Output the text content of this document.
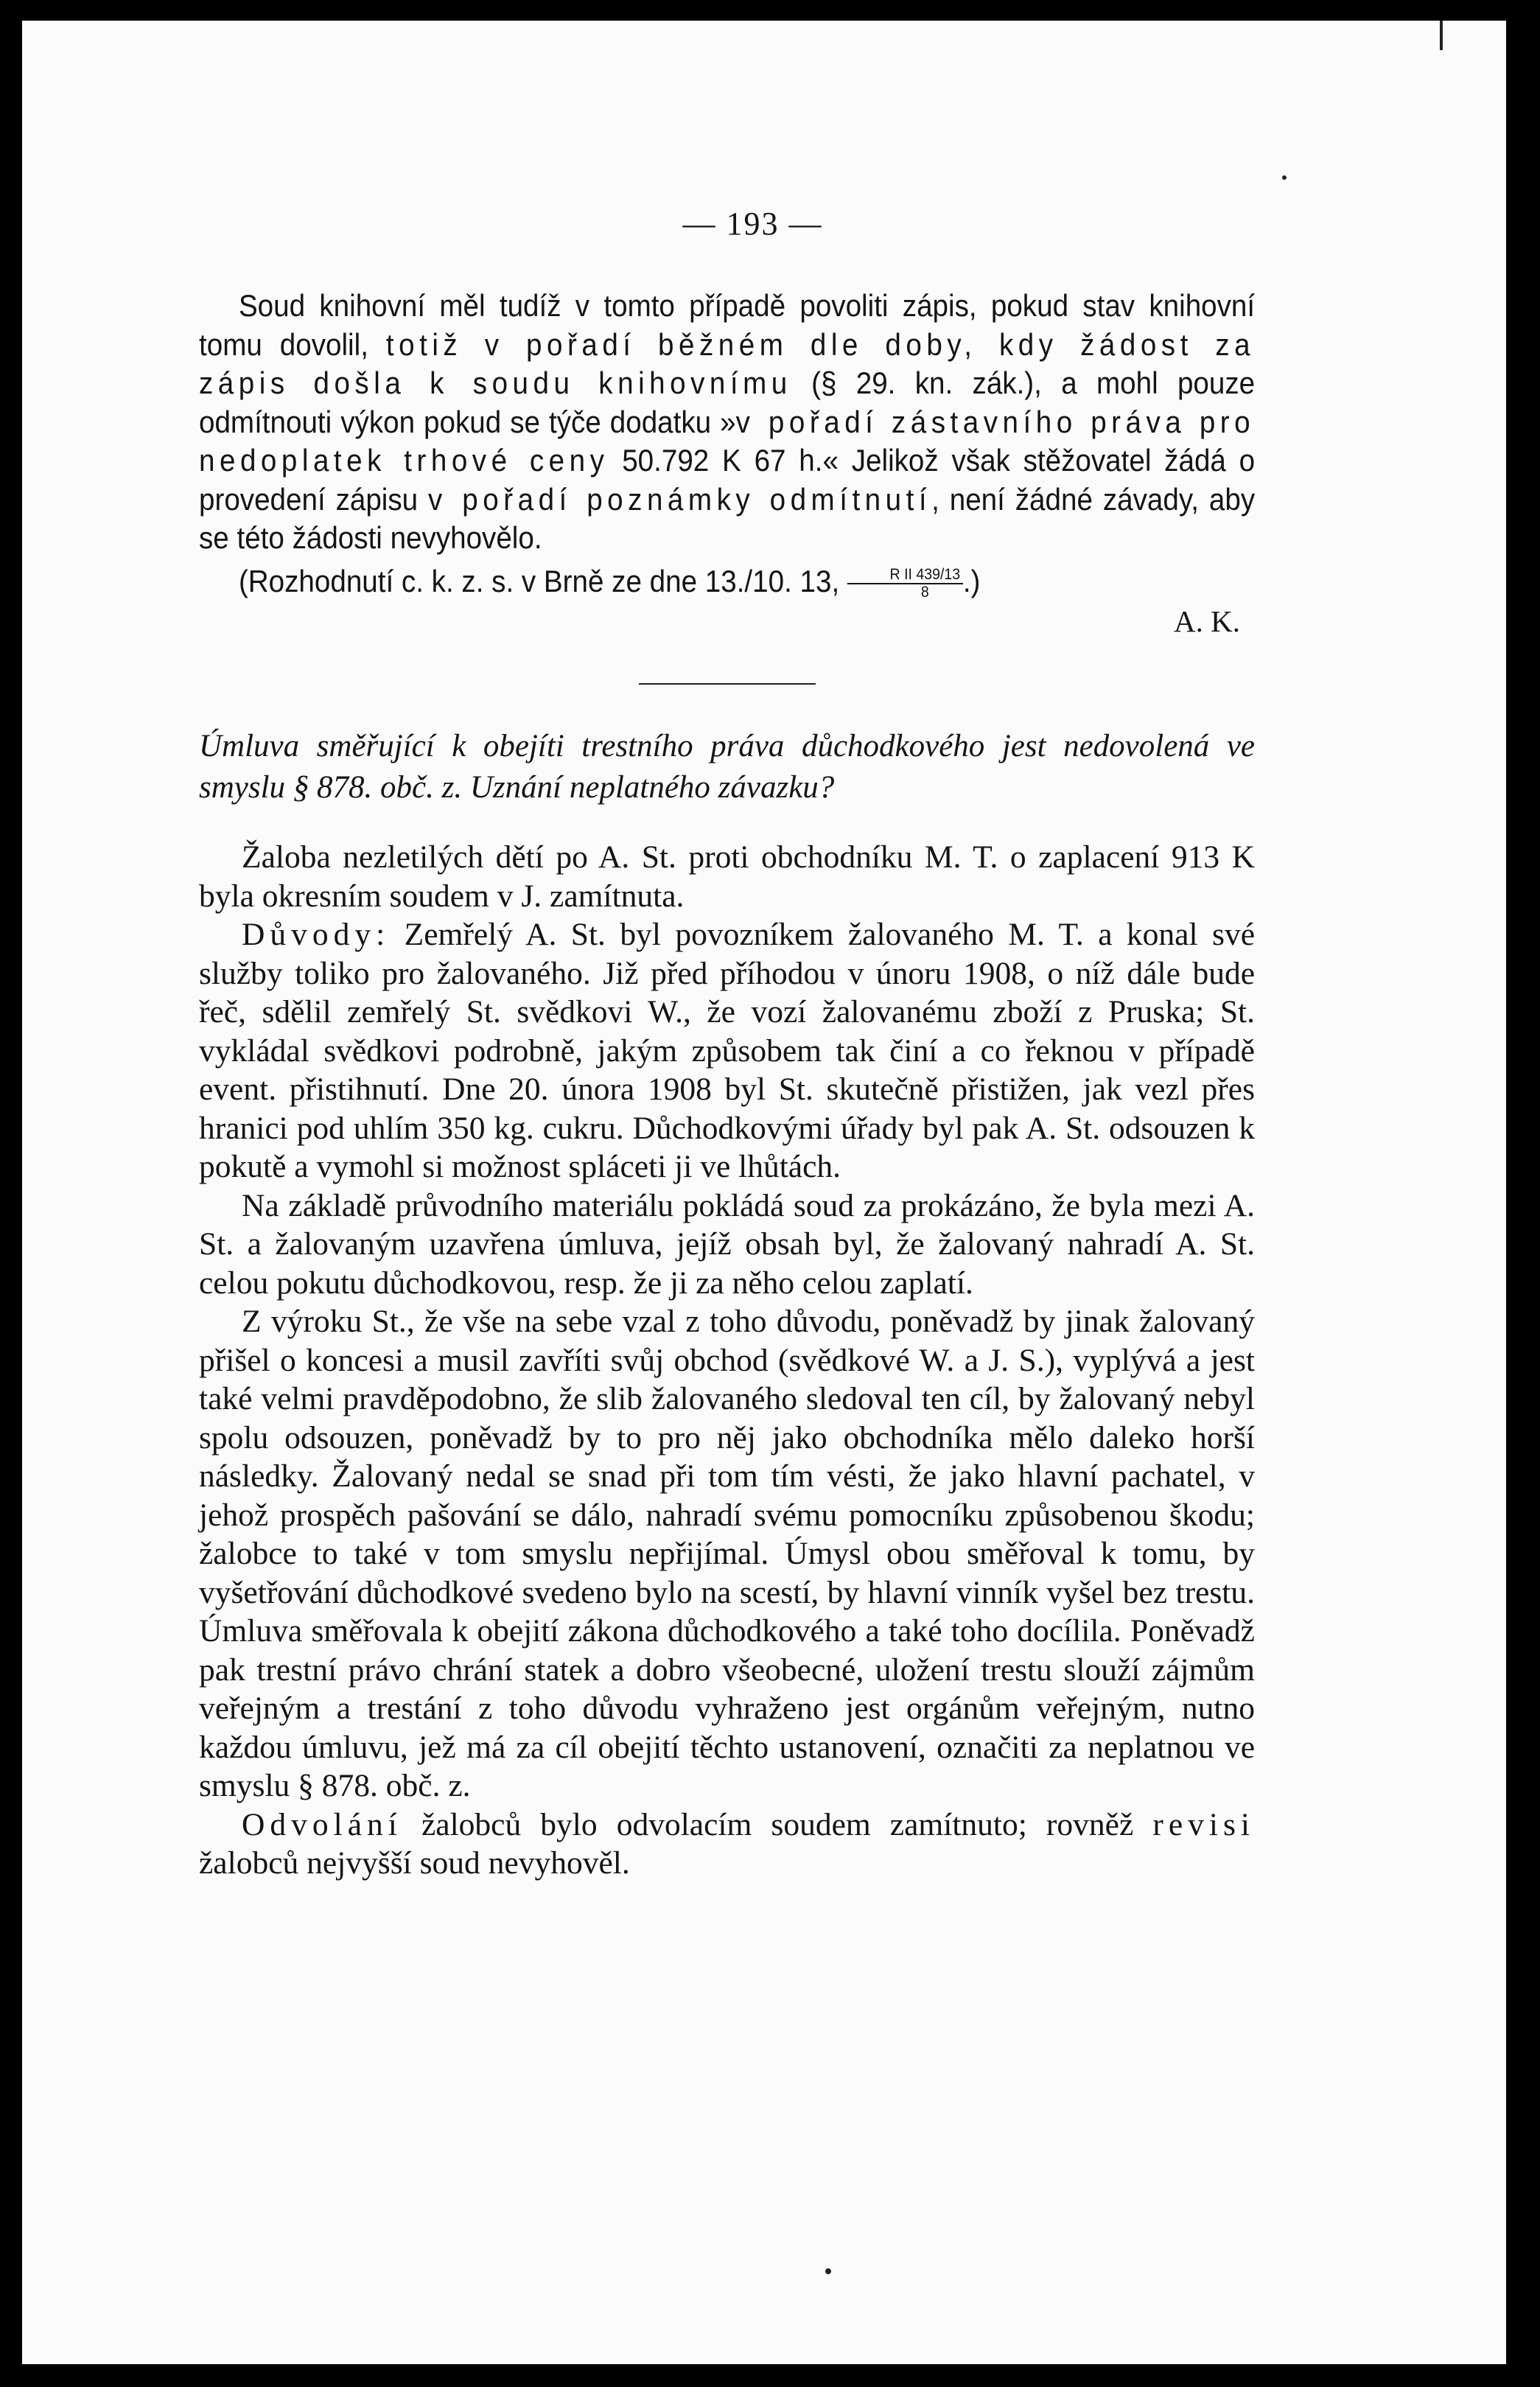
— 193 —

Soud knihovní měl tudíž v tomto případě povoliti zápis, pokud stav knihovní tomu dovolil, totiž v pořadí běžném dle doby, kdy žádost za zápis došla k soudu knihovnímu (§ 29. kn. zák.), a mohl pouze odmítnouti výkon pokud se týče dodatku »v pořadí zástavního práva pro nedoplatek trhové ceny 50.792 K 67 h.« Jelikož však stěžovatel žádá o provedení zápisu v pořadí poznámky odmítnutí, není žádné závady, aby se této žádosti nevyhovělo.

(Rozhodnutí c. k. z. s. v Brně ze dne 13./10. 13, $\frac{\text{R II 439/13}}{8}$ .)

A. K.

Úmluva směřující k obejíti trestního práva důchodkového jest nedovolená ve smyslu § 878. obč. z. Uznání neplatného závazku?

Žaloba nezletilých dětí po A. St. proti obchodníku M. T. o zaplacení 913 K byla okresním soudem v J. zamítnuta.

Důvody: Zemřelý A. St. byl povozníkem žalovaného M. T. a konal své služby toliko pro žalovaného. Již před příhodou v únoru 1908, o níž dále bude řeč, sdělil zemřelý St. svědkovi W., že vozí žalovanému zboží z Pruska; St. vykládal svědkovi podrobně, jakým způsobem tak činí a co řeknou v případě event. přistihnutí. Dne 20. února 1908 byl St. skutečně přistižen, jak vezl přes hranici pod uhlím 350 kg. cukru. Důchodkovými úřady byl pak A. St. odsouzen k pokutě a vymohl si možnost spláceti ji ve lhůtách.

Na základě průvodního materiálu pokládá soud za prokázáno, že byla mezi A. St. a žalovaným uzavřena úmluva, jejíž obsah byl, že žalovaný nahradí A. St. celou pokutu důchodkovou, resp. že ji za něho celou zaplatí.

Z výroku St., že vše na sebe vzal z toho důvodu, poněvadž by jinak žalovaný přišel o koncesi a musil zavříti svůj obchod (svědkové W. a J. S.), vyplývá a jest také velmi pravděpodobno, že slib žalovaného sledoval ten cíl, by žalovaný nebyl spolu odsouzen, poněvadž by to pro něj jako obchodníka mělo daleko horší následky. Žalovaný nedal se snad při tom tím vésti, že jako hlavní pachatel, v jehož prospěch pašování se dálo, nahradí svému pomocníku způsobenou škodu; žalobce to také v tom smyslu nepřijímal. Úmysl obou směřoval k tomu, by vyšetřování důchodkové svedeno bylo na scestí, by hlavní vinník vyšel bez trestu. Úmluva směřovala k obejití zákona důchodkového a také toho docílila. Poněvadž pak trestní právo chrání statek a dobro všeobecné, uložení trestu slouží zájmům veřejným a trestání z toho důvodu vyhraženo jest orgánům veřejným, nutno každou úmluvu, jež má za cíl obejití těchto ustanovení, označiti za neplatnou ve smyslu § 878. obč. z.

Odvolání žalobců bylo odvolacím soudem zamítnuto; rovněž revisi žalobců nejvyšší soud nevyhověl.
